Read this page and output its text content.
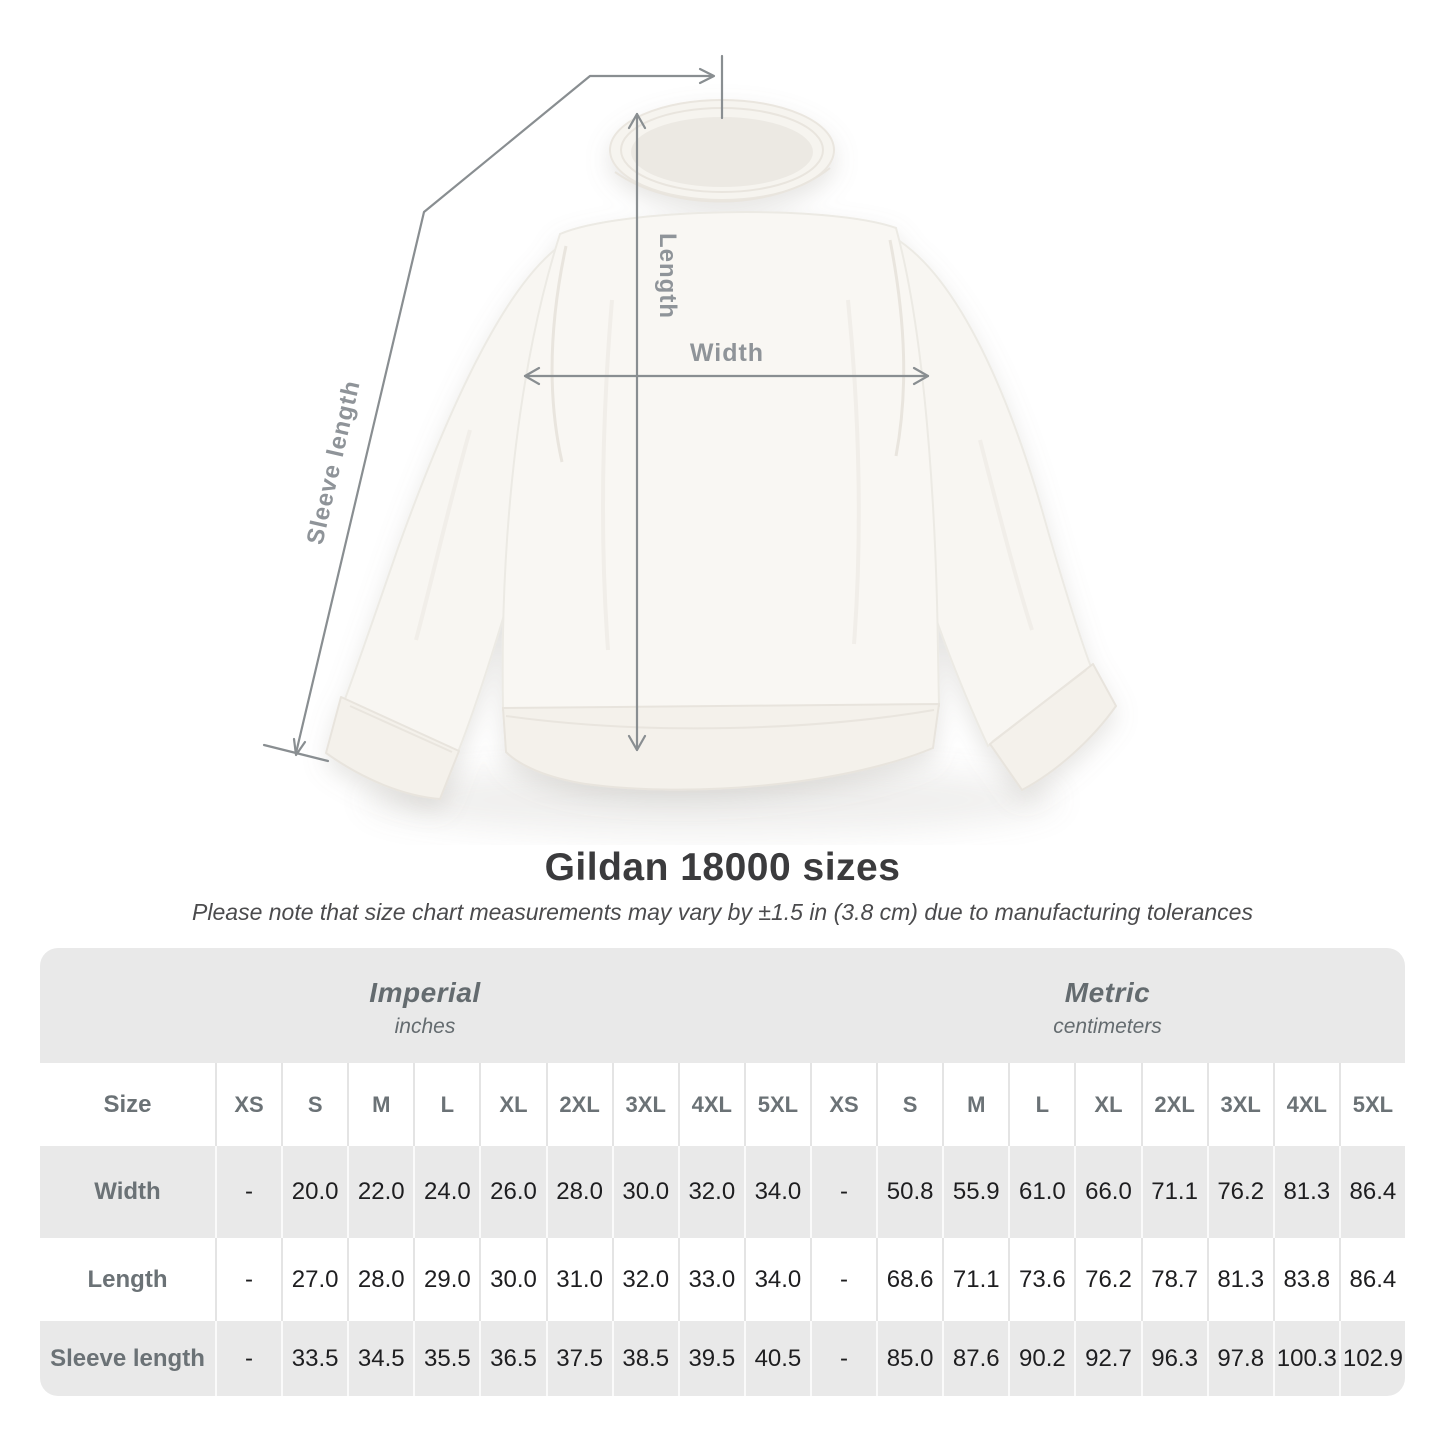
Length
Width
Sleeve length
Gildan 18000 sizes
Please note that size chart measurements may vary by ±1.5 in (3.8 cm) due to manufacturing tolerances
Imperial
inches
Metric
centimeters
Size	XS	S	M	L	XL	2XL	3XL	4XL	5XL	XS	S	M	L	XL	2XL	3XL	4XL	5XL
Width	-	20.0 22.0 24.0 26.0 28.0 30.0 32.0 34.0	-	50.8 55.9 61.0 66.0 71.1 76.2 81.3 86.4
Length	-	27.0 28.0 29.0 30.0 31.0 32.0 33.0 34.0	-	68.6 71.1 73.6 76.2 78.7 81.3 83.8 86.4
Sleeve length	-	33.5 34.5 35.5 36.5 37.5 38.5 39.5 40.5	-	85.0 87.6 90.2 92.7 96.3 97.8 100.3 102.9
